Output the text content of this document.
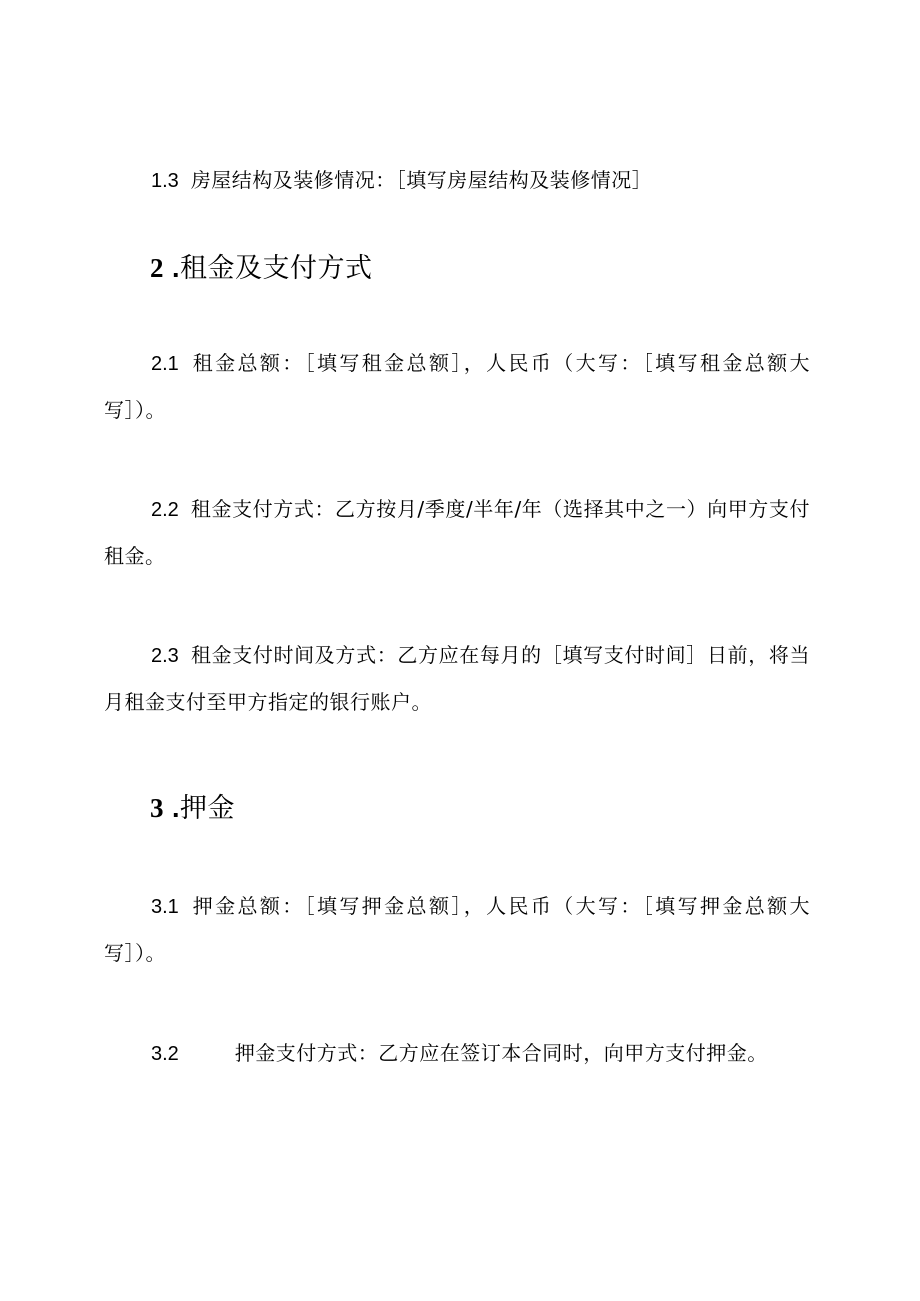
1.3 房屋结构及装修情况：［填写房屋结构及装修情况］

2 .租金及支付方式

2.1 租金总额：［填写租金总额］，人民币（大写：［填写租金总额大写］）。

2.2 租金支付方式：乙方按月/季度/半年/年（选择其中之一）向甲方支付租金。

2.3 租金支付时间及方式：乙方应在每月的［填写支付时间］日前，将当月租金支付至甲方指定的银行账户。

3 .押金

3.1 押金总额：［填写押金总额］，人民币（大写：［填写押金总额大写］）。

3.2	押金支付方式：乙方应在签订本合同时，向甲方支付押金。
